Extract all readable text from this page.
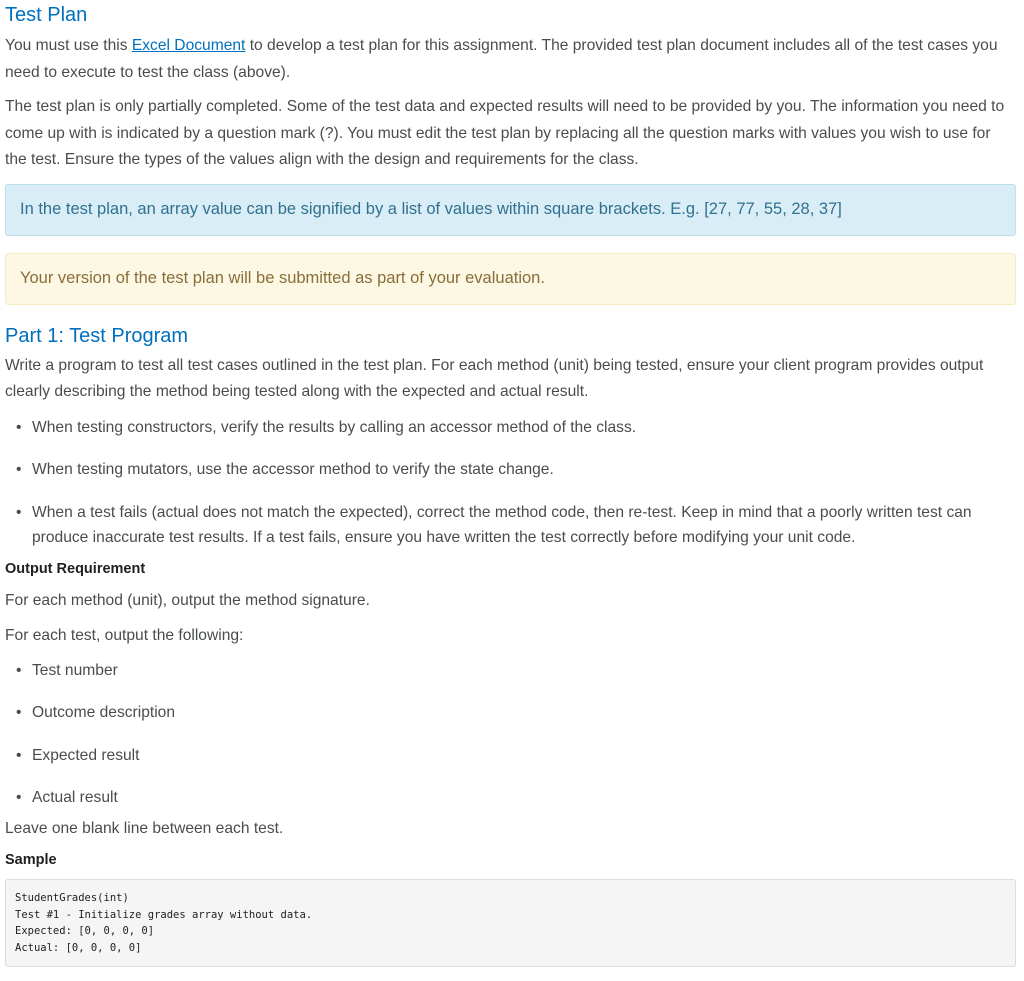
Test Plan

You must use this Excel Document to develop a test plan for this assignment. The provided test plan document includes all of the test cases you need to execute to test the class (above).

The test plan is only partially completed. Some of the test data and expected results will need to be provided by you. The information you need to come up with is indicated by a question mark (?). You must edit the test plan by replacing all the question marks with values you wish to use for the test. Ensure the types of the values align with the design and requirements for the class.

In the test plan, an array value can be signified by a list of values within square brackets. E.g. [27, 77, 55, 28, 37]
Your version of the test plan will be submitted as part of your evaluation.
Part 1: Test Program

Write a program to test all test cases outlined in the test plan. For each method (unit) being tested, ensure your client program provides output clearly describing the method being tested along with the expected and actual result.

• When testing constructors, verify the results by calling an accessor method of the class.
• When testing mutators, use the accessor method to verify the state change.
• When a test fails (actual does not match the expected), correct the method code, then re-test. Keep in mind that a poorly written test can produce inaccurate test results. If a test fails, ensure you have written the test correctly before modifying your unit code.
Output Requirement

For each method (unit), output the method signature.

For each test, output the following:

• Test number
• Outcome description
• Expected result
• Actual result

Leave one blank line between each test.

Sample
StudentGrades(int)
Test #1 - Initialize grades array without data.
Expected: [0, 0, 0, 0]
Actual: [0, 0, 0, 0]
